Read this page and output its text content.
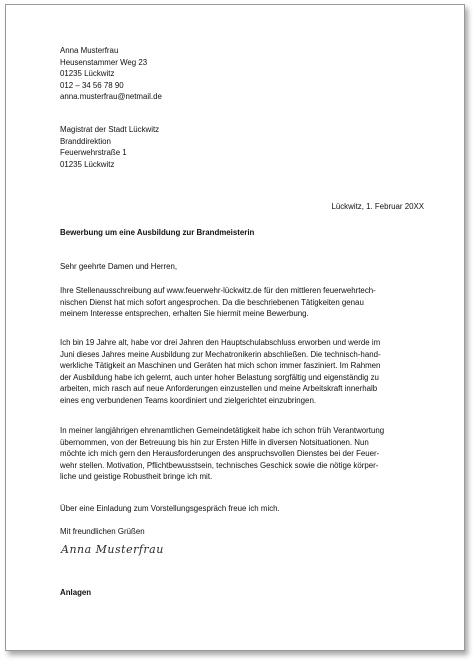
Anna Musterfrau
Heusenstammer Weg 23
01235 Lückwitz
012 – 34 56 78 90
anna.musterfrau@netmail.de
Magistrat der Stadt Lückwitz
Branddirektion
Feuerwehrstraße 1
01235 Lückwitz
Lückwitz, 1. Februar 20XX
Bewerbung um eine Ausbildung zur Brandmeisterin
Sehr geehrte Damen und Herren,
Ihre Stellenausschreibung auf www.feuerwehr-lückwitz.de für den mittleren feuerwehrtech-
nischen Dienst hat mich sofort angesprochen. Da die beschriebenen Tätigkeiten genau
meinem Interesse entsprechen, erhalten Sie hiermit meine Bewerbung.
Ich bin 19 Jahre alt, habe vor drei Jahren den Hauptschulabschluss erworben und werde im
Juni dieses Jahres meine Ausbildung zur Mechatronikerin abschließen. Die technisch-hand-
werkliche Tätigkeit an Maschinen und Geräten hat mich schon immer fasziniert. Im Rahmen
der Ausbildung habe ich gelernt, auch unter hoher Belastung sorgfältig und eigenständig zu
arbeiten, mich rasch auf neue Anforderungen einzustellen und meine Arbeitskraft innerhalb
eines eng verbundenen Teams koordiniert und zielgerichtet einzubringen.
In meiner langjährigen ehrenamtlichen Gemeindetätigkeit habe ich schon früh Verantwortung
übernommen, von der Betreuung bis hin zur Ersten Hilfe in diversen Notsituationen. Nun
möchte ich mich gern den Herausforderungen des anspruchsvollen Dienstes bei der Feuer-
wehr stellen. Motivation, Pflichtbewusstsein, technisches Geschick sowie die nötige körper-
liche und geistige Robustheit bringe ich mit.
Über eine Einladung zum Vorstellungsgespräch freue ich mich.
Mit freundlichen Grüßen
Anna Musterfrau
Anlagen
